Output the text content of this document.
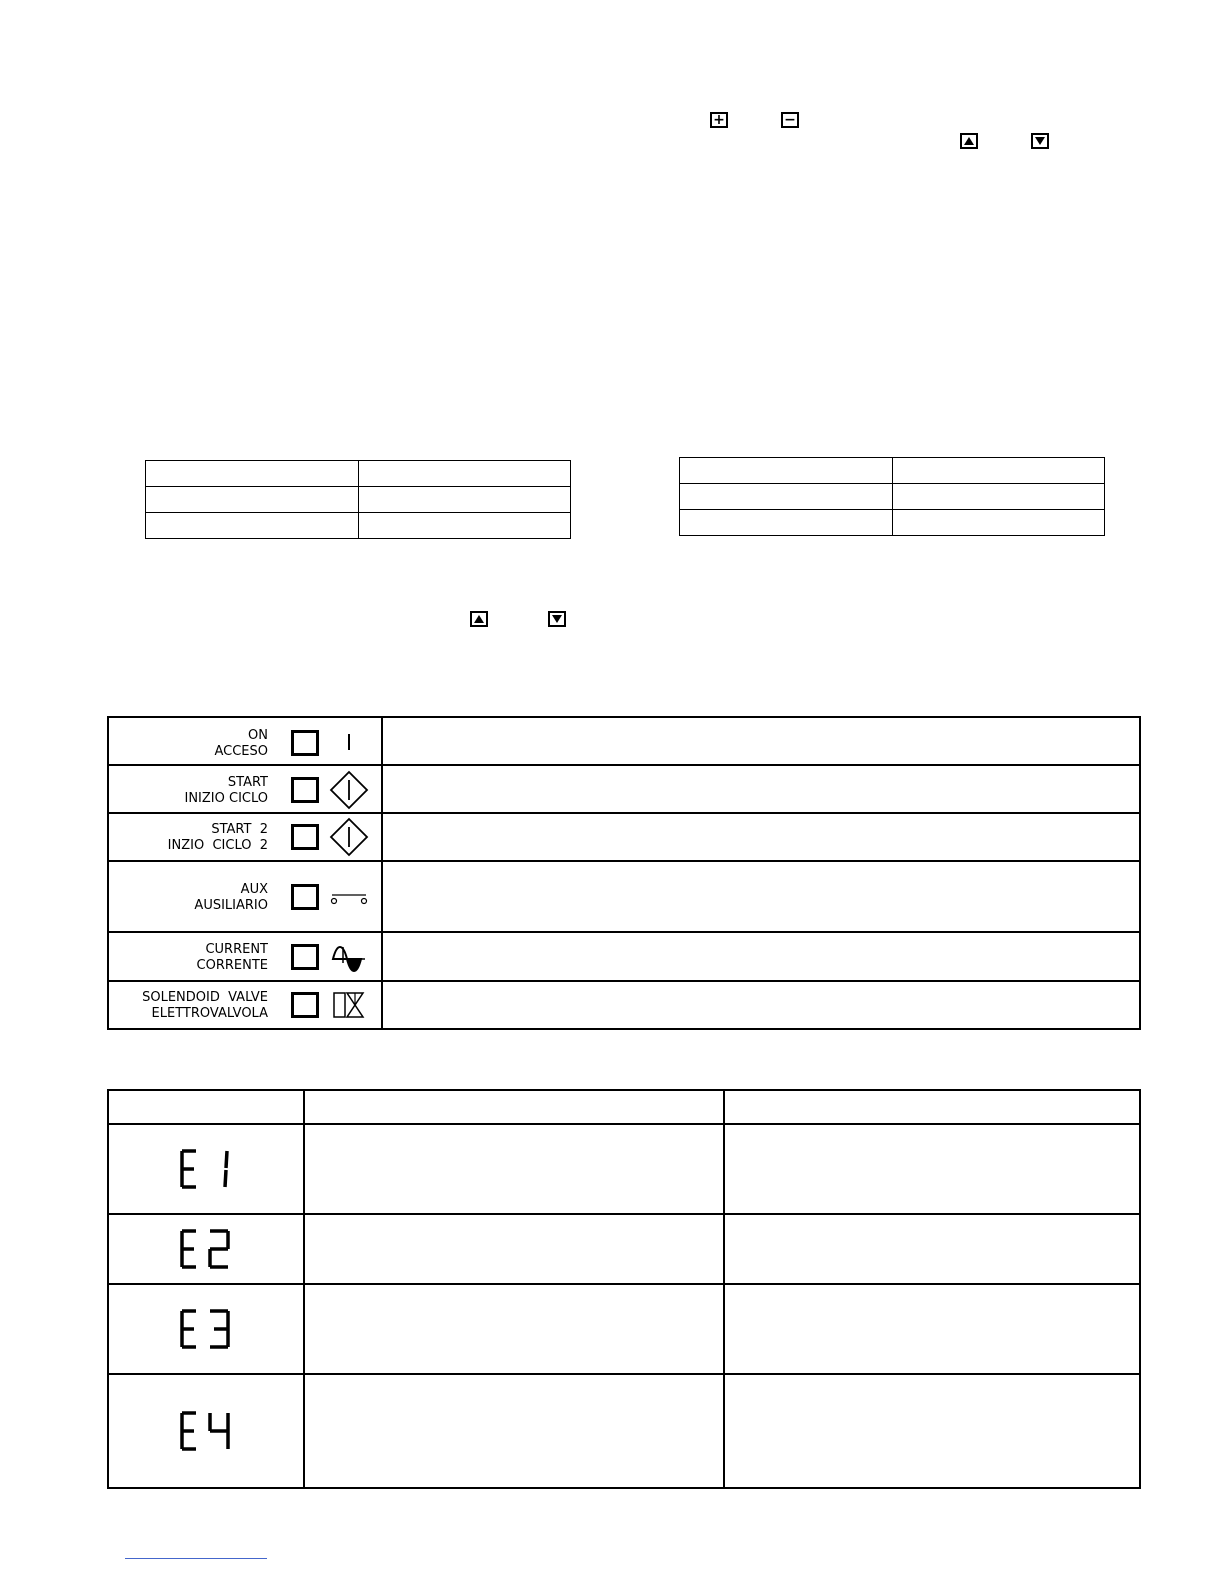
+	−

ON
ACCESO	

START
INIZIO CICLO	

START  2
INZIO  CICLO  2	

AUX
AUSILIARIO	

CURRENT
CORRENTE	

SOLENDOID  VALVE
ELETTROVALVOLA	
